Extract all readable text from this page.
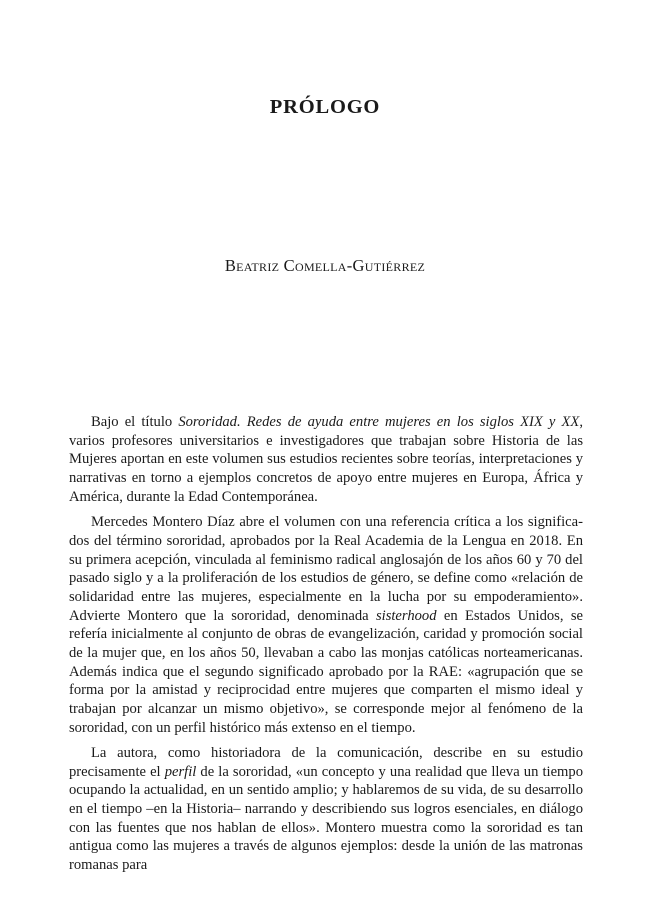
PRÓLOGO

Beatriz Comella-Gutiérrez

Bajo el título Sororidad. Redes de ayuda entre mujeres en los siglos XIX y XX, varios profesores universitarios e investigadores que trabajan sobre Historia de las Mujeres aportan en este volumen sus estudios recientes sobre teorías, interpretaciones y narrativas en torno a ejemplos concretos de apoyo entre mujeres en Europa, África y América, durante la Edad Contemporánea.

Mercedes Montero Díaz abre el volumen con una referencia crítica a los significados del término sororidad, aprobados por la Real Academia de la Lengua en 2018. En su primera acepción, vinculada al feminismo radical anglosajón de los años 60 y 70 del pasado siglo y a la proliferación de los estudios de género, se define como «relación de solidaridad entre las mujeres, especialmente en la lucha por su empoderamiento». Advierte Montero que la sororidad, denominada sisterhood en Estados Unidos, se refería inicialmente al conjunto de obras de evangelización, caridad y promoción social de la mujer que, en los años 50, llevaban a cabo las monjas católicas norteamericanas. Además indica que el segundo significado aprobado por la RAE: «agrupación que se forma por la amistad y reciprocidad entre mujeres que comparten el mismo ideal y trabajan por alcanzar un mismo objetivo», se corresponde mejor al fenómeno de la sororidad, con un perfil histórico más extenso en el tiempo.

La autora, como historiadora de la comunicación, describe en su estudio precisamente el perfil de la sororidad, «un concepto y una realidad que lleva un tiempo ocupando la actualidad, en un sentido amplio; y hablaremos de su vida, de su desarrollo en el tiempo –en la Historia– narrando y describiendo sus logros esenciales, en diálogo con las fuentes que nos hablan de ellos». Montero muestra como la sororidad es tan antigua como las mujeres a través de algunos ejemplos: desde la unión de las matronas romanas para
